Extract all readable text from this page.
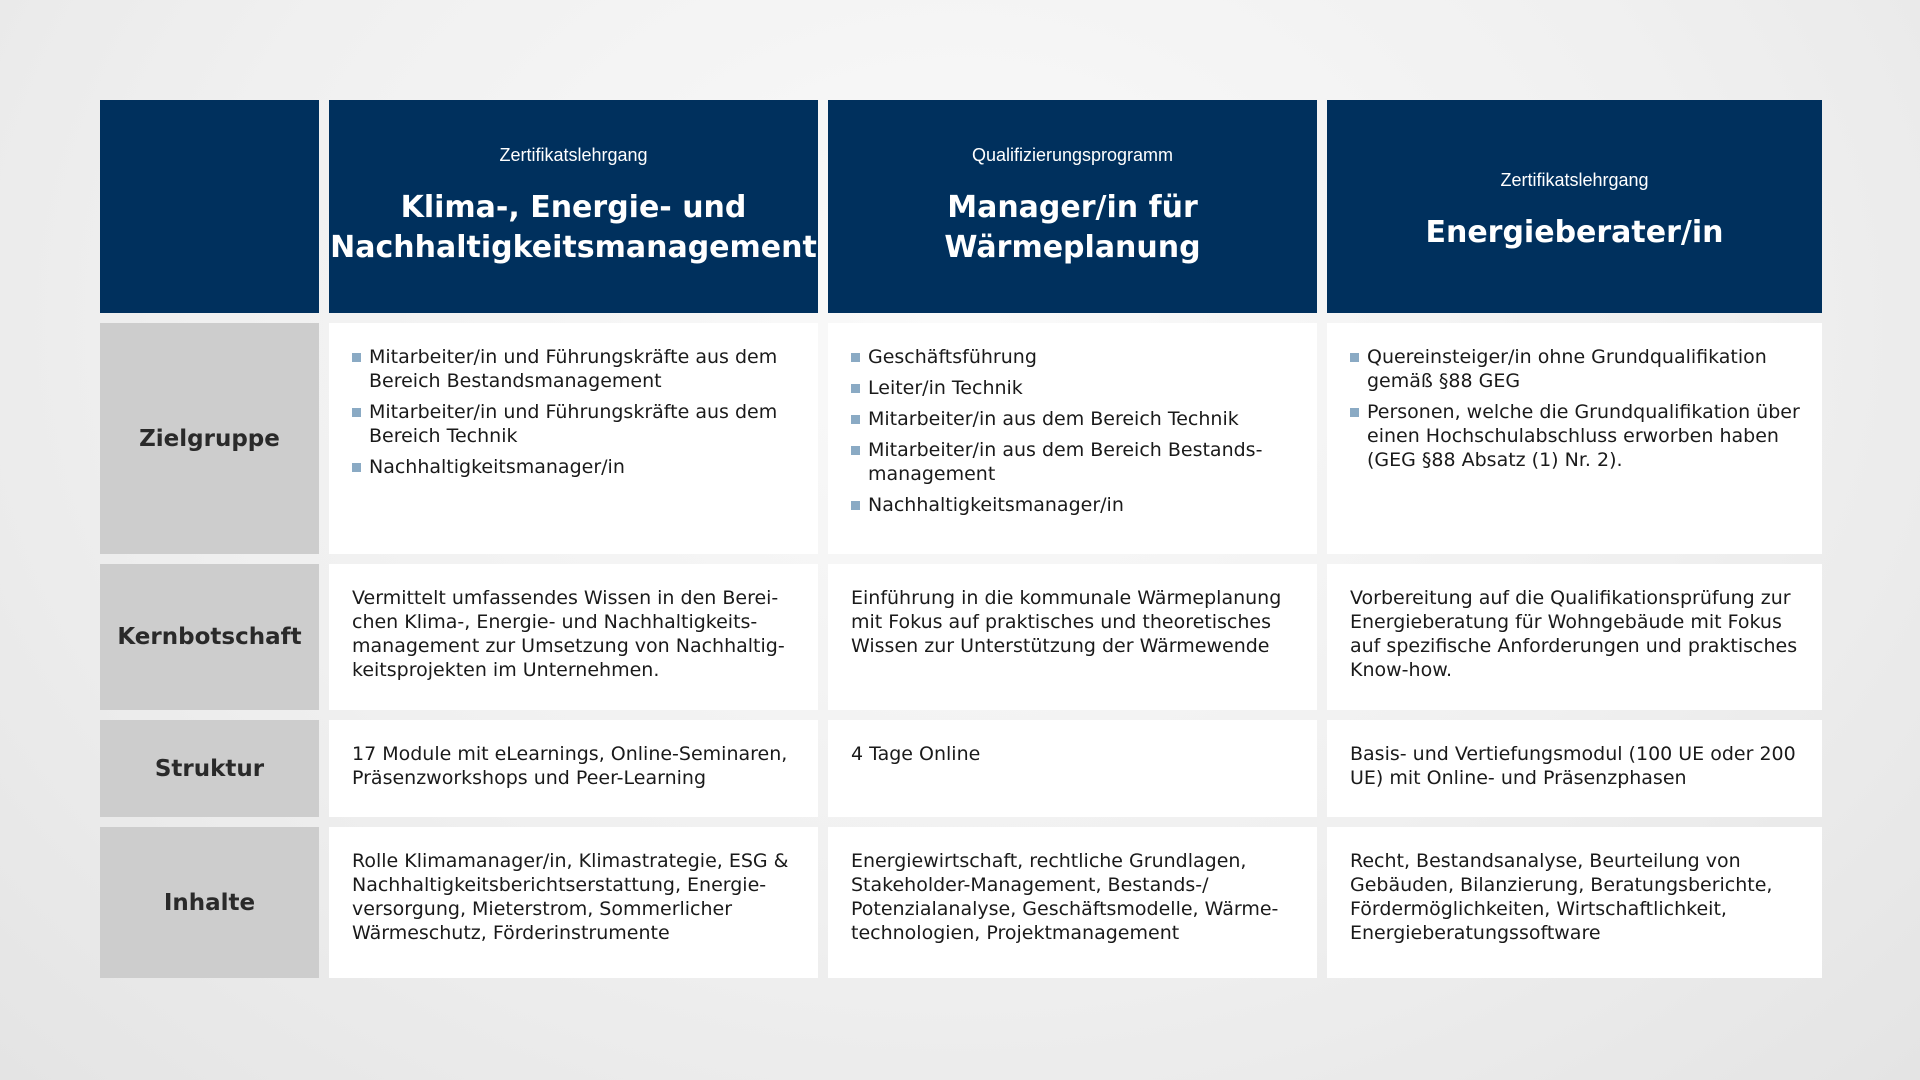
Zertifikatslehrgang
Klima-, Energie- und
Nachhaltigkeitsmanagement
Qualifizierungsprogramm
Manager/in für
Wärmeplanung
Zertifikatslehrgang
Energieberater/in
Zielgruppe
Mitarbeiter/in und Führungskräfte aus dem Bereich Bestandsmanagement
Mitarbeiter/in und Führungskräfte aus dem Bereich Technik
Nachhaltigkeitsmanager/in
Geschäftsführung
Leiter/in Technik
Mitarbeiter/in aus dem Bereich Technik
Mitarbeiter/in aus dem Bereich Bestands-management
Nachhaltigkeitsmanager/in
Quereinsteiger/in ohne Grundqualifikation gemäß §88 GEG
Personen, welche die Grundqualifikation über einen Hochschulabschluss erworben haben (GEG §88 Absatz (1) Nr. 2).
Kernbotschaft

Vermittelt umfassendes Wissen in den Berei-chen Klima-, Energie- und Nachhaltigkeits-management zur Umsetzung von Nachhaltig-keitsprojekten im Unternehmen.

Einführung in die kommunale Wärmeplanung mit Fokus auf praktisches und theoretisches Wissen zur Unterstützung der Wärmewende

Vorbereitung auf die Qualifikationsprüfung zur Energieberatung für Wohngebäude mit Fokus auf spezifische Anforderungen und praktisches Know-how.

Struktur

17 Module mit eLearnings, Online-Seminaren, Präsenzworkshops und Peer-Learning

4 Tage Online	Basis- und Vertiefungsmodul (100 UE oder 200 UE) mit Online- und Präsenzphasen

Inhalte

Rolle Klimamanager/in, Klimastrategie, ESG & Nachhaltigkeitsberichtserstattung, Energie-versorgung, Mieterstrom, Sommerlicher Wärmeschutz, Förderinstrumente

Energiewirtschaft, rechtliche Grundlagen, Stakeholder-Management, Bestands-/ Potenzialanalyse, Geschäftsmodelle, Wärme-technologien, Projektmanagement

Recht, Bestandsanalyse, Beurteilung von Gebäuden, Bilanzierung, Beratungsberichte, Fördermöglichkeiten, Wirtschaftlichkeit, Energieberatungssoftware
